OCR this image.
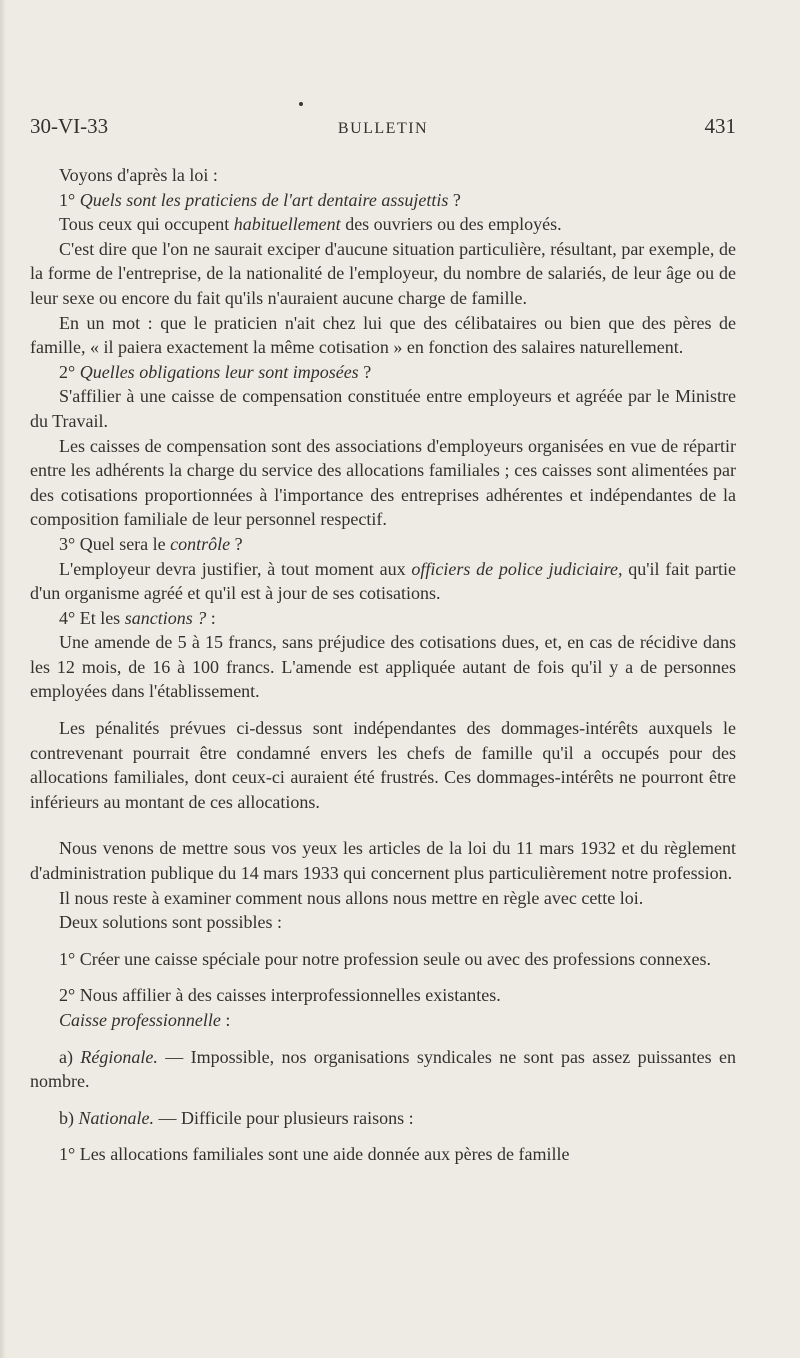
30-VI-33	BULLETIN	431

Voyons d'après la loi :

1° Quels sont les praticiens de l'art dentaire assujettis ?

Tous ceux qui occupent habituellement des ouvriers ou des employés.

C'est dire que l'on ne saurait exciper d'aucune situation particulière, résultant, par exemple, de la forme de l'entreprise, de la nationalité de l'employeur, du nombre de salariés, de leur âge ou de leur sexe ou encore du fait qu'ils n'auraient aucune charge de famille.

En un mot : que le praticien n'ait chez lui que des célibataires ou bien que des pères de famille, « il paiera exactement la même cotisation » en fonction des salaires naturellement.

2° Quelles obligations leur sont imposées ?

S'affilier à une caisse de compensation constituée entre employeurs et agréée par le Ministre du Travail.

Les caisses de compensation sont des associations d'employeurs organisées en vue de répartir entre les adhérents la charge du service des allocations familiales ; ces caisses sont alimentées par des cotisations proportionnées à l'importance des entreprises adhérentes et indépendantes de la composition familiale de leur personnel respectif.

3° Quel sera le contrôle ?

L'employeur devra justifier, à tout moment aux officiers de police judiciaire, qu'il fait partie d'un organisme agréé et qu'il est à jour de ses cotisations.

4° Et les sanctions ? :

Une amende de 5 à 15 francs, sans préjudice des cotisations dues, et, en cas de récidive dans les 12 mois, de 16 à 100 francs. L'amende est appliquée autant de fois qu'il y a de personnes employées dans l'établissement.

Les pénalités prévues ci-dessus sont indépendantes des dommages-intérêts auxquels le contrevenant pourrait être condamné envers les chefs de famille qu'il a occupés pour des allocations familiales, dont ceux-ci auraient été frustrés. Ces dommages-intérêts ne pourront être inférieurs au montant de ces allocations.

Nous venons de mettre sous vos yeux les articles de la loi du 11 mars 1932 et du règlement d'administration publique du 14 mars 1933 qui concernent plus particulièrement notre profession.

Il nous reste à examiner comment nous allons nous mettre en règle avec cette loi.

Deux solutions sont possibles :

1° Créer une caisse spéciale pour notre profession seule ou avec des professions connexes.

2° Nous affilier à des caisses interprofessionnelles existantes.

Caisse professionnelle :

a) Régionale. — Impossible, nos organisations syndicales ne sont pas assez puissantes en nombre.

b) Nationale. — Difficile pour plusieurs raisons :

1° Les allocations familiales sont une aide donnée aux pères de famille
